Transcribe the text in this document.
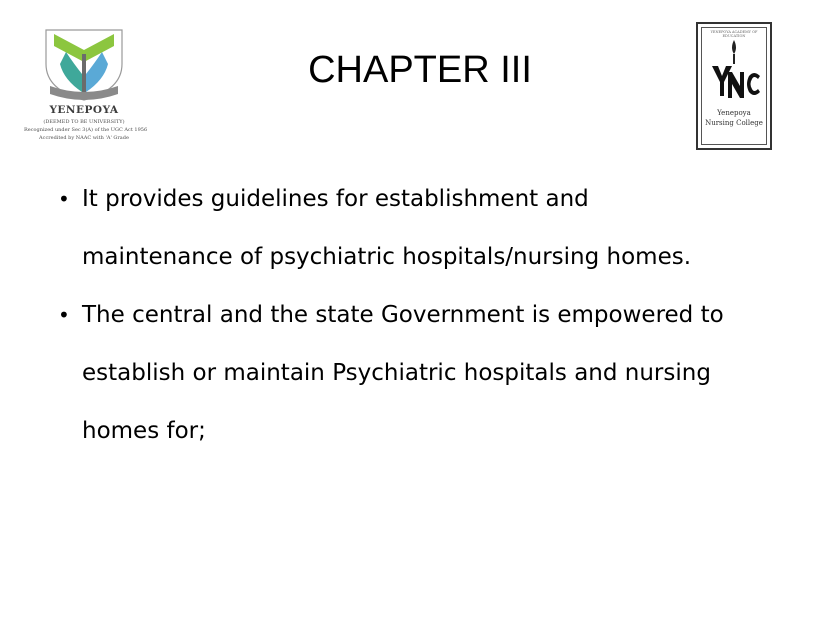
YENEPOYA
(DEEMED TO BE UNIVERSITY)
Recognized under Sec 3(A) of the UGC Act 1956
Accredited by NAAC with 'A' Grade
YENEPOYA ACADEMY OF EDUCATION
Yenepoya
Nursing College
CHAPTER III
• It provides guidelines for establishment and
maintenance of psychiatric hospitals/nursing homes.
• The central and the state Government is empowered to
establish or maintain Psychiatric hospitals and nursing
homes for;
